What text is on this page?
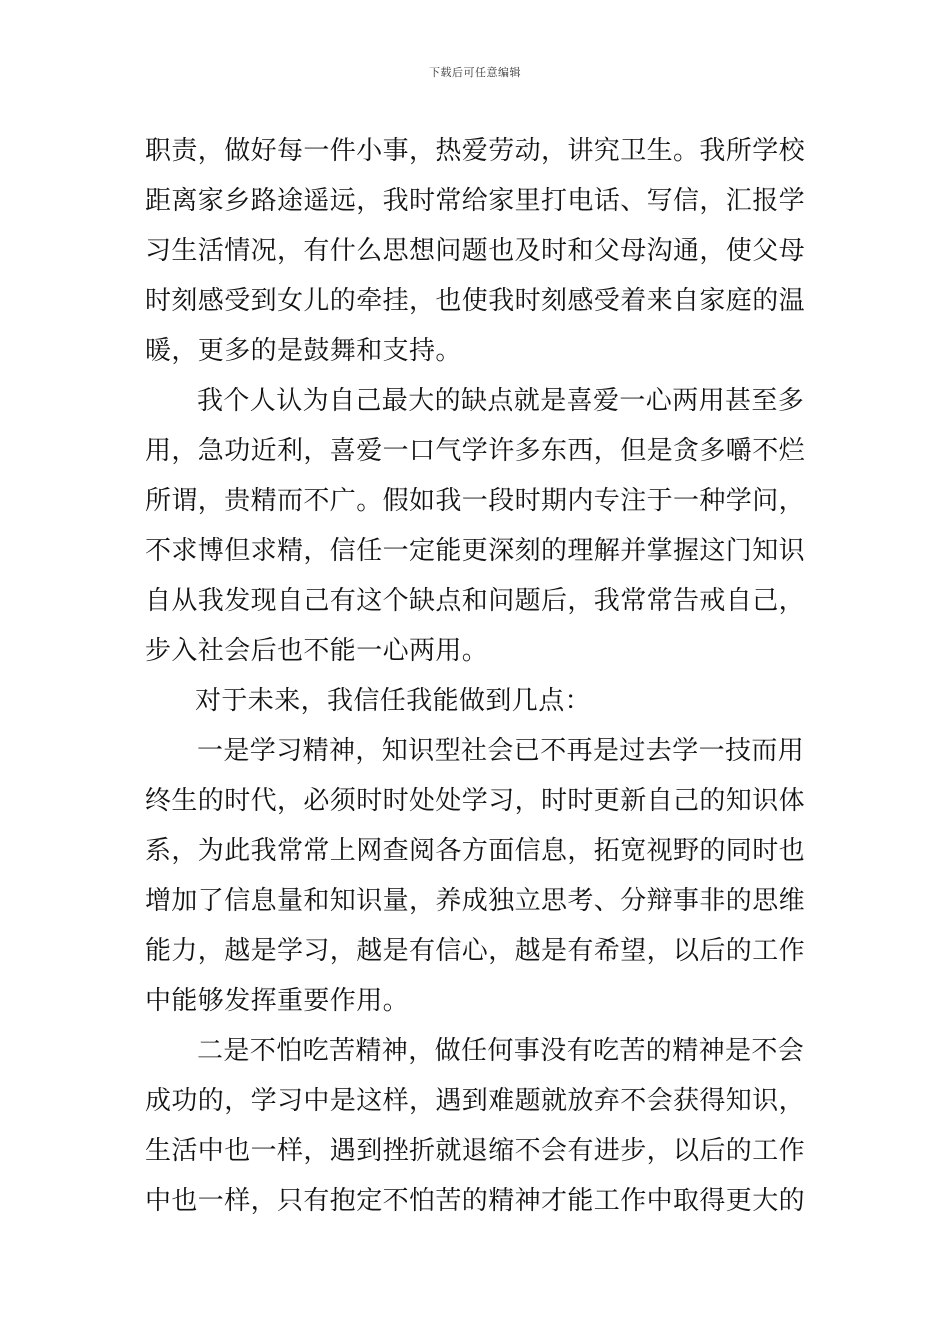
下载后可任意编辑
职责，做好每一件小事，热爱劳动，讲究卫生。我所学校
距离家乡路途遥远，我时常给家里打电话、写信，汇报学
习生活情况，有什么思想问题也及时和父母沟通，使父母
时刻感受到女儿的牵挂，也使我时刻感受着来自家庭的温
暖，更多的是鼓舞和支持。
我个人认为自己最大的缺点就是喜爱一心两用甚至多
用，急功近利，喜爱一口气学许多东西，但是贪多嚼不烂
所谓，贵精而不广。假如我一段时期内专注于一种学问，
不求博但求精，信任一定能更深刻的理解并掌握这门知识
自从我发现自己有这个缺点和问题后，我常常告戒自己，
步入社会后也不能一心两用。
对于未来，我信任我能做到几点：
一是学习精神，知识型社会已不再是过去学一技而用
终生的时代，必须时时处处学习，时时更新自己的知识体
系，为此我常常上网查阅各方面信息，拓宽视野的同时也
增加了信息量和知识量，养成独立思考、分辩事非的思维
能力，越是学习，越是有信心，越是有希望，以后的工作
中能够发挥重要作用。
二是不怕吃苦精神，做任何事没有吃苦的精神是不会
成功的，学习中是这样，遇到难题就放弃不会获得知识，
生活中也一样，遇到挫折就退缩不会有进步，以后的工作
中也一样，只有抱定不怕苦的精神才能工作中取得更大的
